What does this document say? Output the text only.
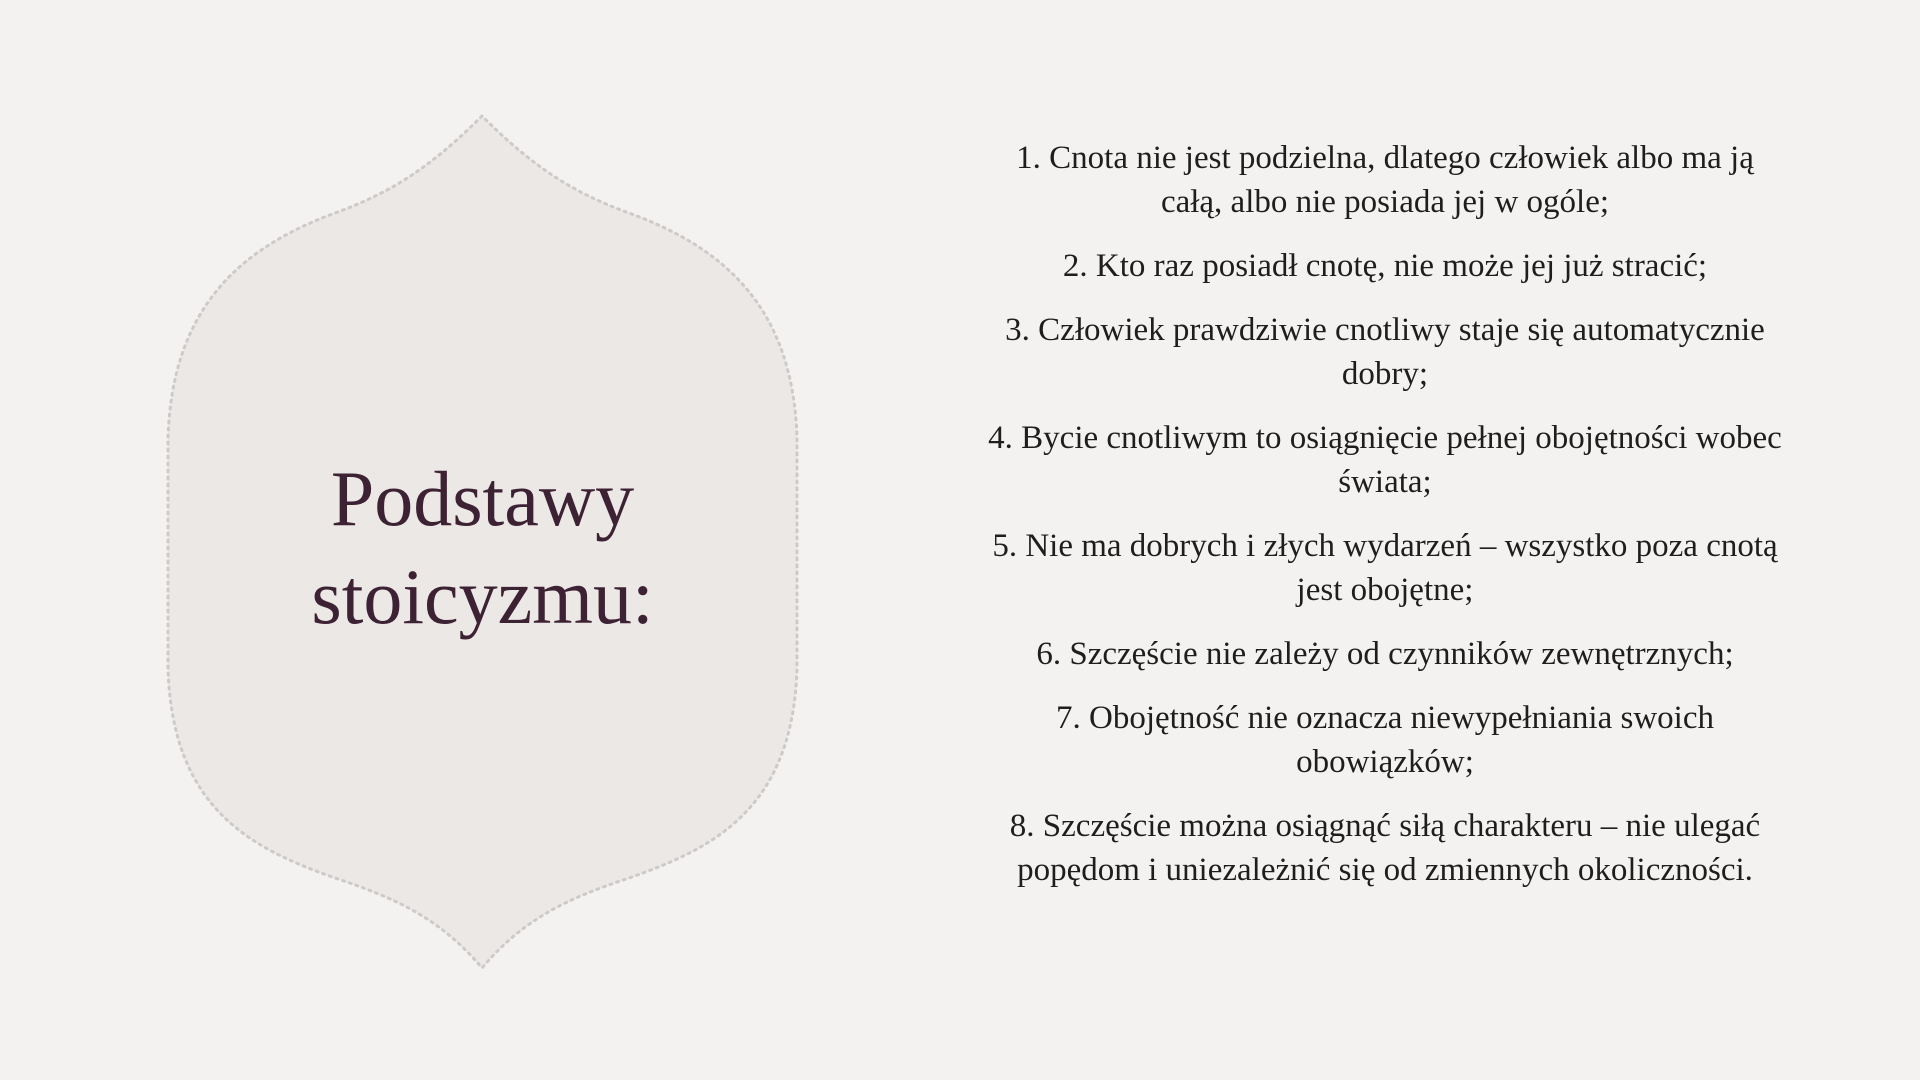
Podstawy
stoicyzmu:
1. Cnota nie jest podzielna, dlatego człowiek albo ma ją całą, albo nie posiada jej w ogóle;
2. Kto raz posiadł cnotę, nie może jej już stracić;
3. Człowiek prawdziwie cnotliwy staje się automatycznie dobry;
4. Bycie cnotliwym to osiągnięcie pełnej obojętności wobec świata;
5. Nie ma dobrych i złych wydarzeń – wszystko poza cnotą jest obojętne;
6. Szczęście nie zależy od czynników zewnętrznych;
7. Obojętność nie oznacza niewypełniania swoich obowiązków;
8. Szczęście można osiągnąć siłą charakteru – nie ulegać popędom i uniezależnić się od zmiennych okoliczności.
